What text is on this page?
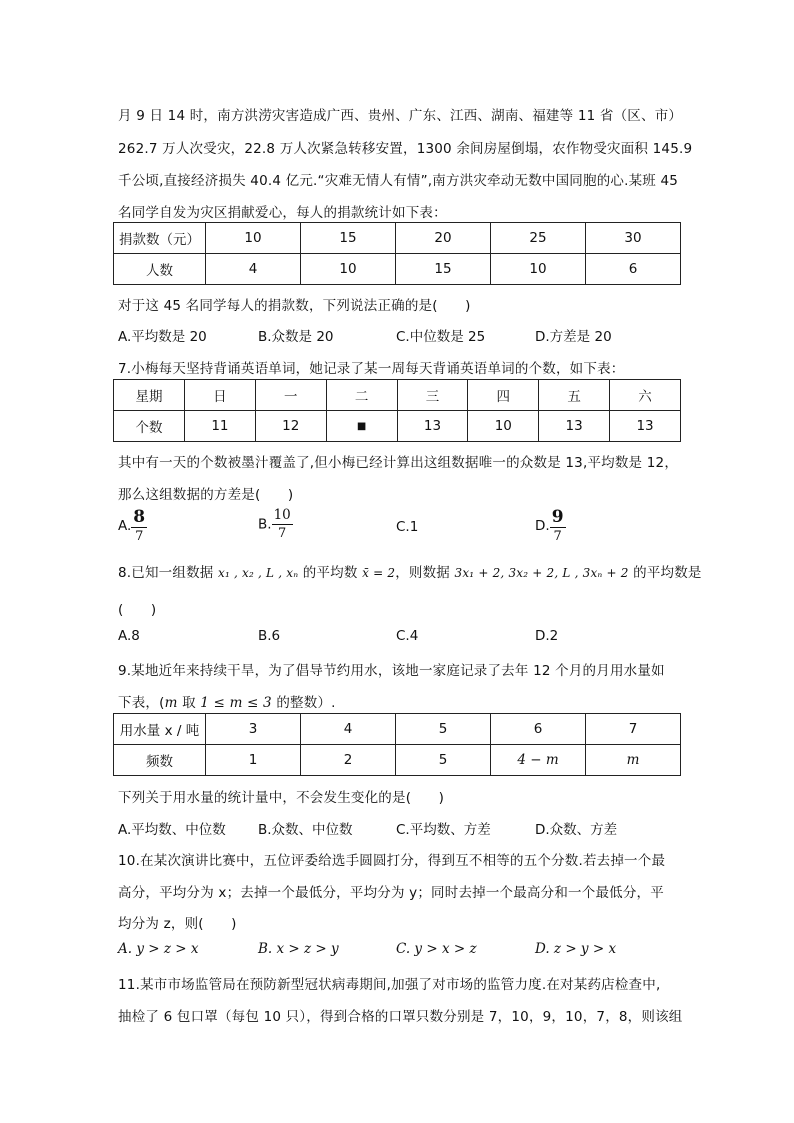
月 9 日 14 时，南方洪涝灾害造成广西、贵州、广东、江西、湖南、福建等 11 省（区、市）
262.7 万人次受灾，22.8 万人次紧急转移安置，1300 余间房屋倒塌，农作物受灾面积 145.9
千公顷,直接经济损失 40.4 亿元.“灾难无情人有情”,南方洪灾牵动无数中国同胞的心.某班 45
名同学自发为灾区捐献爱心，每人的捐款统计如下表：
捐款数（元）	10	15	20	25	30
人数	4	10	15	10	6
对于这 45 名同学每人的捐款数，下列说法正确的是(　　)
A.平均数是 20	B.众数是 20	C.中位数是 25	D.方差是 20
7.小梅每天坚持背诵英语单词，她记录了某一周每天背诵英语单词的个数，如下表：
星期	日	一	二	三	四	五	六
个数	11	12	■	13	10	13	13
其中有一天的个数被墨汁覆盖了,但小梅已经计算出这组数据唯一的众数是 13,平均数是 12，
那么这组数据的方差是(　　)
A. $\frac{8}{7}$	B. $\frac{10}{7}$	C.1	D. $\frac{9}{7}$
8.已知一组数据 x₁ , x₂ , L , xₙ 的平均数 x̄ = 2，则数据 3x₁ + 2, 3x₂ + 2, L , 3xₙ + 2 的平均数是
(　　)
A.8	B.6	C.4	D.2
9.某地近年来持续干旱，为了倡导节约用水，该地一家庭记录了去年 12 个月的月用水量如
下表，(m 取 1 ≤ m ≤ 3 的整数）.
用水量 x / 吨	3	4	5	6	7
频数	1	2	5	4 − m	m
下列关于用水量的统计量中，不会发生变化的是(　　)
A.平均数、中位数 B.众数、中位数	C.平均数、方差	D.众数、方差
10.在某次演讲比赛中，五位评委给选手圆圆打分，得到互不相等的五个分数.若去掉一个最
高分，平均分为 x；去掉一个最低分，平均分为 y；同时去掉一个最高分和一个最低分，平
均分为 z，则(　　)
A. y > z > x	B. x > z > y	C. y > x > z	D. z > y > x
11.某市市场监管局在预防新型冠状病毒期间,加强了对市场的监管力度.在对某药店检查中,
抽检了 6 包口罩（每包 10 只），得到合格的口罩只数分别是 7，10，9，10，7，8，则该组
